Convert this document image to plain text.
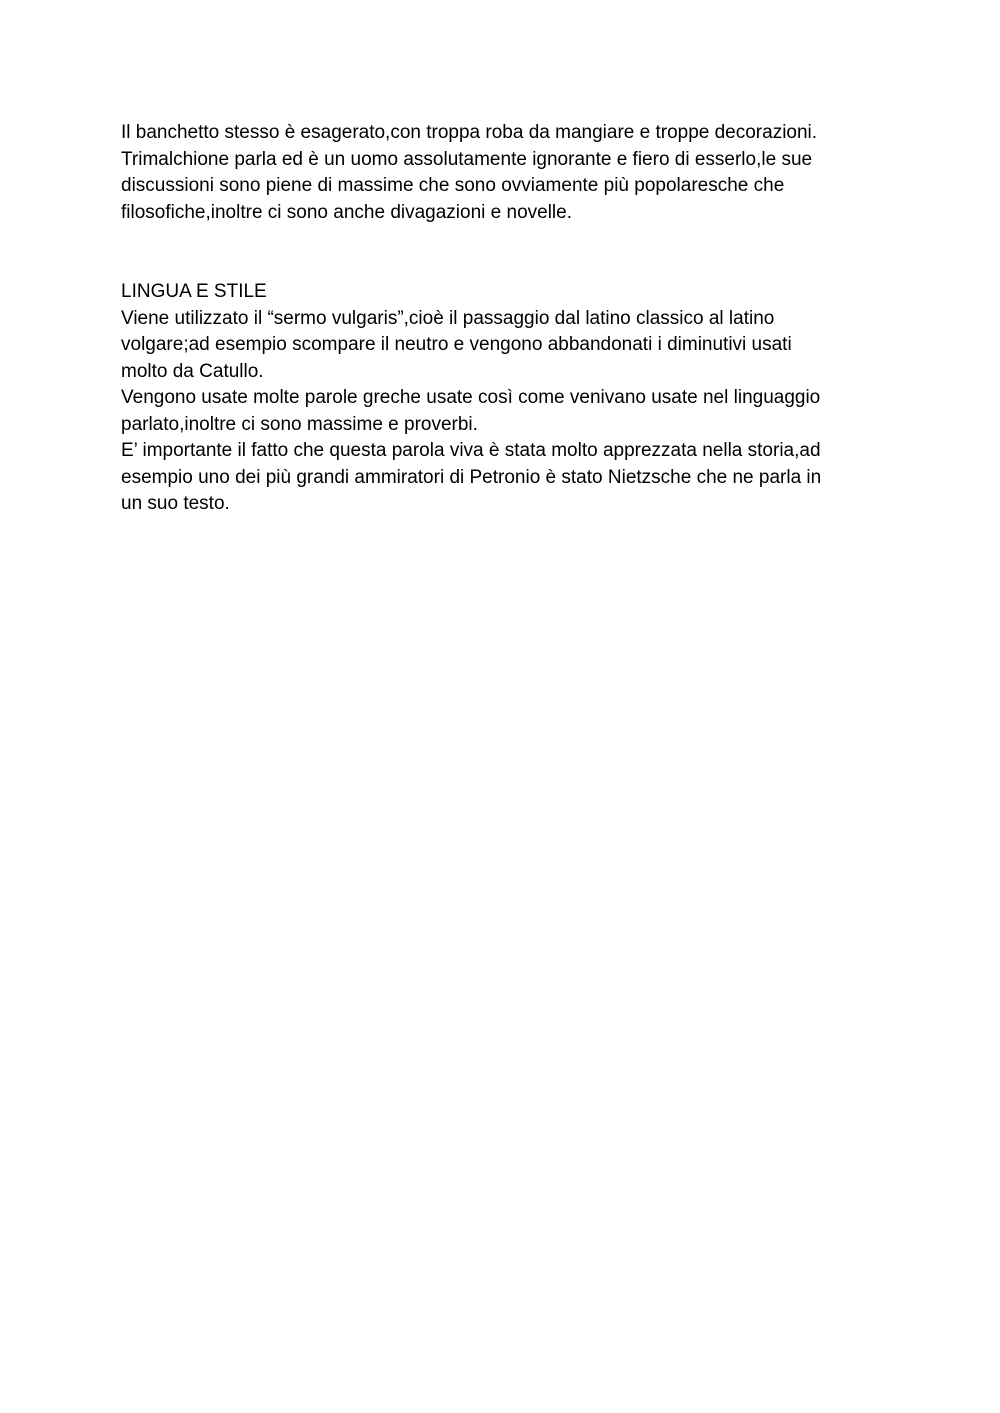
Il banchetto stesso è esagerato,con troppa roba da mangiare e troppe decorazioni.
Trimalchione parla ed è un uomo assolutamente ignorante e fiero di esserlo,le sue
discussioni sono piene di massime che sono ovviamente più popolaresche che
filosofiche,inoltre ci sono anche divagazioni e novelle.
LINGUA E STILE
Viene utilizzato il “sermo vulgaris”,cioè il passaggio dal latino classico al latino
volgare;ad esempio scompare il neutro e vengono abbandonati i diminutivi usati
molto da Catullo.
Vengono usate molte parole greche usate così come venivano usate nel linguaggio
parlato,inoltre ci sono massime e proverbi.
E’ importante il fatto che questa parola viva è stata molto apprezzata nella storia,ad
esempio uno dei più grandi ammiratori di Petronio è stato Nietzsche che ne parla in
un suo testo.
